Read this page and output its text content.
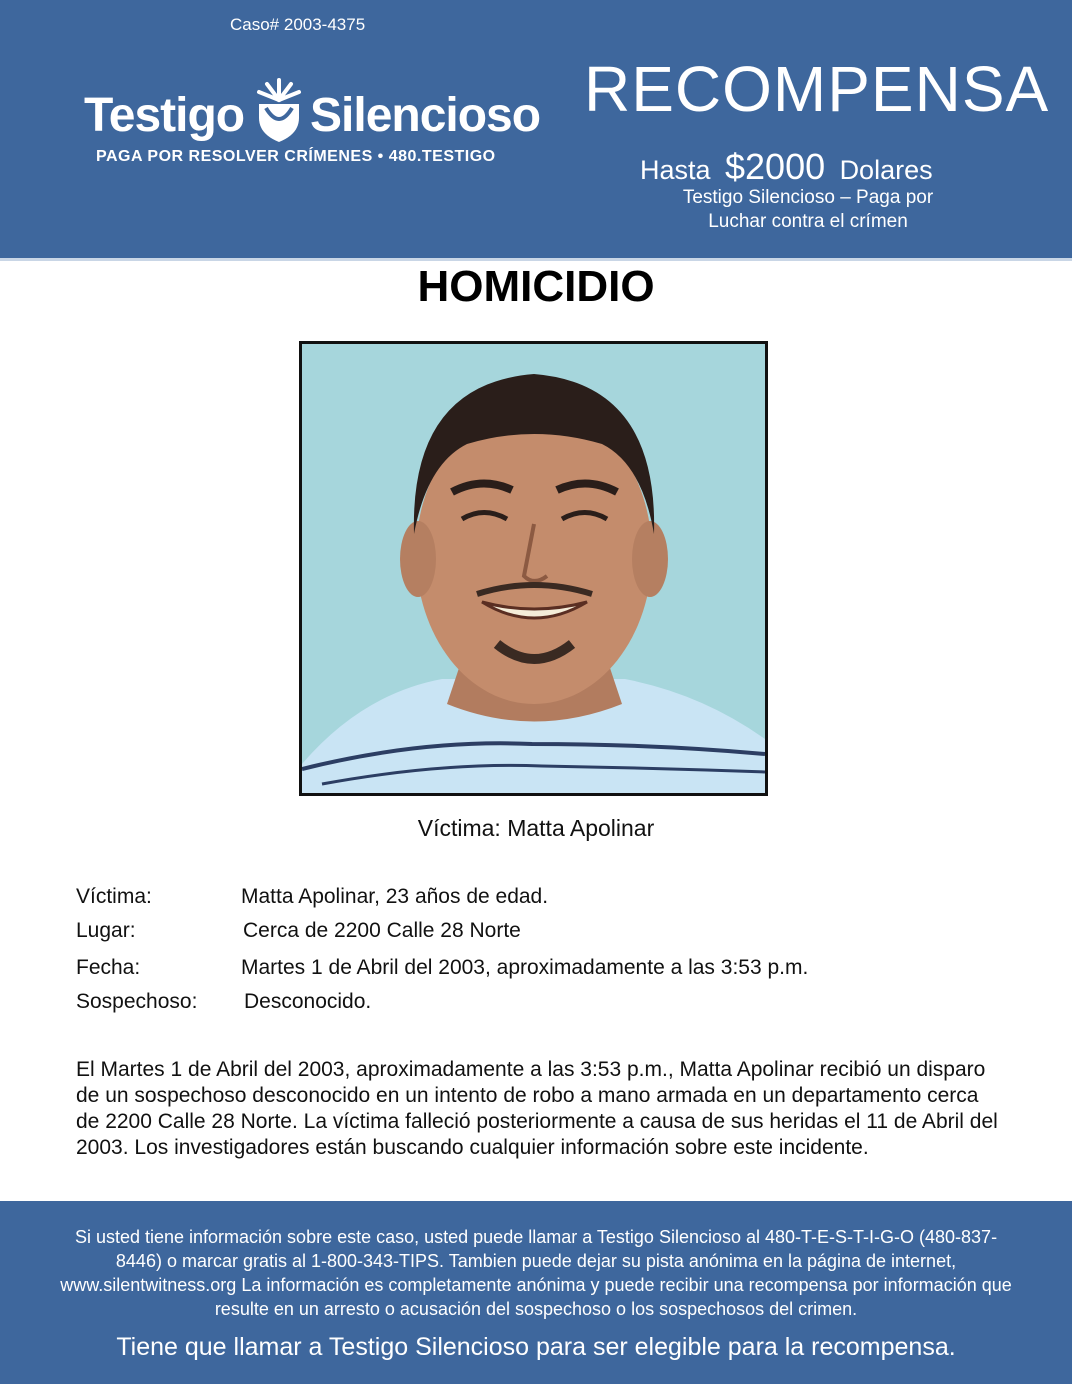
Caso# 2003-4375
Testigo Silencioso
PAGA POR RESOLVER CRÍMENES • 480.TESTIGO
RECOMPENSA
Hasta $2000 Dolares
Testigo Silencioso – Paga por
Luchar contra el crímen
HOMICIDIO
Víctima: Matta Apolinar
Víctima:	Matta Apolinar, 23 años de edad.
Lugar:	Cerca de 2200 Calle 28 Norte
Fecha:	Martes 1 de Abril del 2003, aproximadamente a las 3:53 p.m.
Sospechoso: Desconocido.
El Martes 1 de Abril del 2003, aproximadamente a las 3:53 p.m., Matta Apolinar recibió un disparo de un sospechoso desconocido en un intento de robo a mano armada en un departamento cerca de 2200 Calle 28 Norte. La víctima falleció posteriormente a causa de sus heridas el 11 de Abril del 2003. Los investigadores están buscando cualquier información sobre este incidente.
Si usted tiene información sobre este caso, usted puede llamar a Testigo Silencioso al 480-T-E-S-T-I-G-O (480-837-8446) o marcar gratis al 1-800-343-TIPS. Tambien puede dejar su pista anónima en la página de internet, www.silentwitness.org La información es completamente anónima y puede recibir una recompensa por información que resulte en un arresto o acusación del sospechoso o los sospechosos del crimen.
Tiene que llamar a Testigo Silencioso para ser elegible para la recompensa.
